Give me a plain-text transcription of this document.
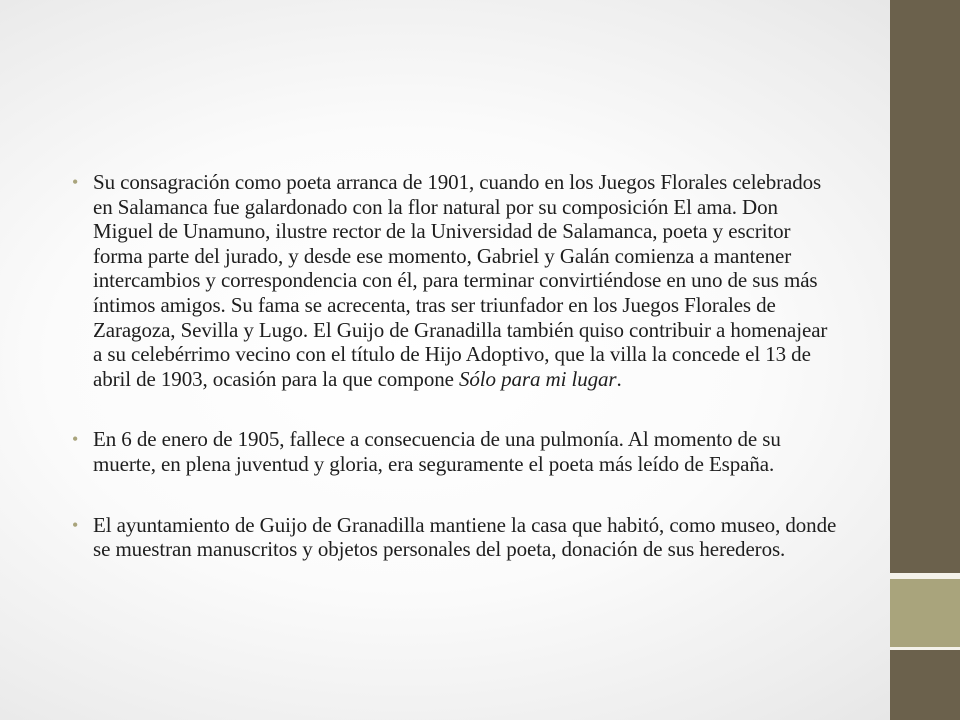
• Su consagración como poeta arranca de 1901, cuando en los Juegos Florales celebrados en Salamanca fue galardonado con la flor natural por su composición El ama. Don Miguel de Unamuno, ilustre rector de la Universidad de Salamanca, poeta y escritor forma parte del jurado, y desde ese momento, Gabriel y Galán comienza a mantener intercambios y correspondencia con él, para terminar convirtiéndose en uno de sus más íntimos amigos. Su fama se acrecenta, tras ser triunfador en los Juegos Florales de Zaragoza, Sevilla y Lugo. El Guijo de Granadilla también quiso contribuir a homenajear a su celebérrimo vecino con el título de Hijo Adoptivo, que la villa la concede el 13 de abril de 1903, ocasión para la que compone Sólo para mi lugar.
• En 6 de enero de 1905, fallece a consecuencia de una pulmonía. Al momento de su muerte, en plena juventud y gloria, era seguramente el poeta más leído de España.
• El ayuntamiento de Guijo de Granadilla mantiene la casa que habitó, como museo, donde se muestran manuscritos y objetos personales del poeta, donación de sus herederos.
